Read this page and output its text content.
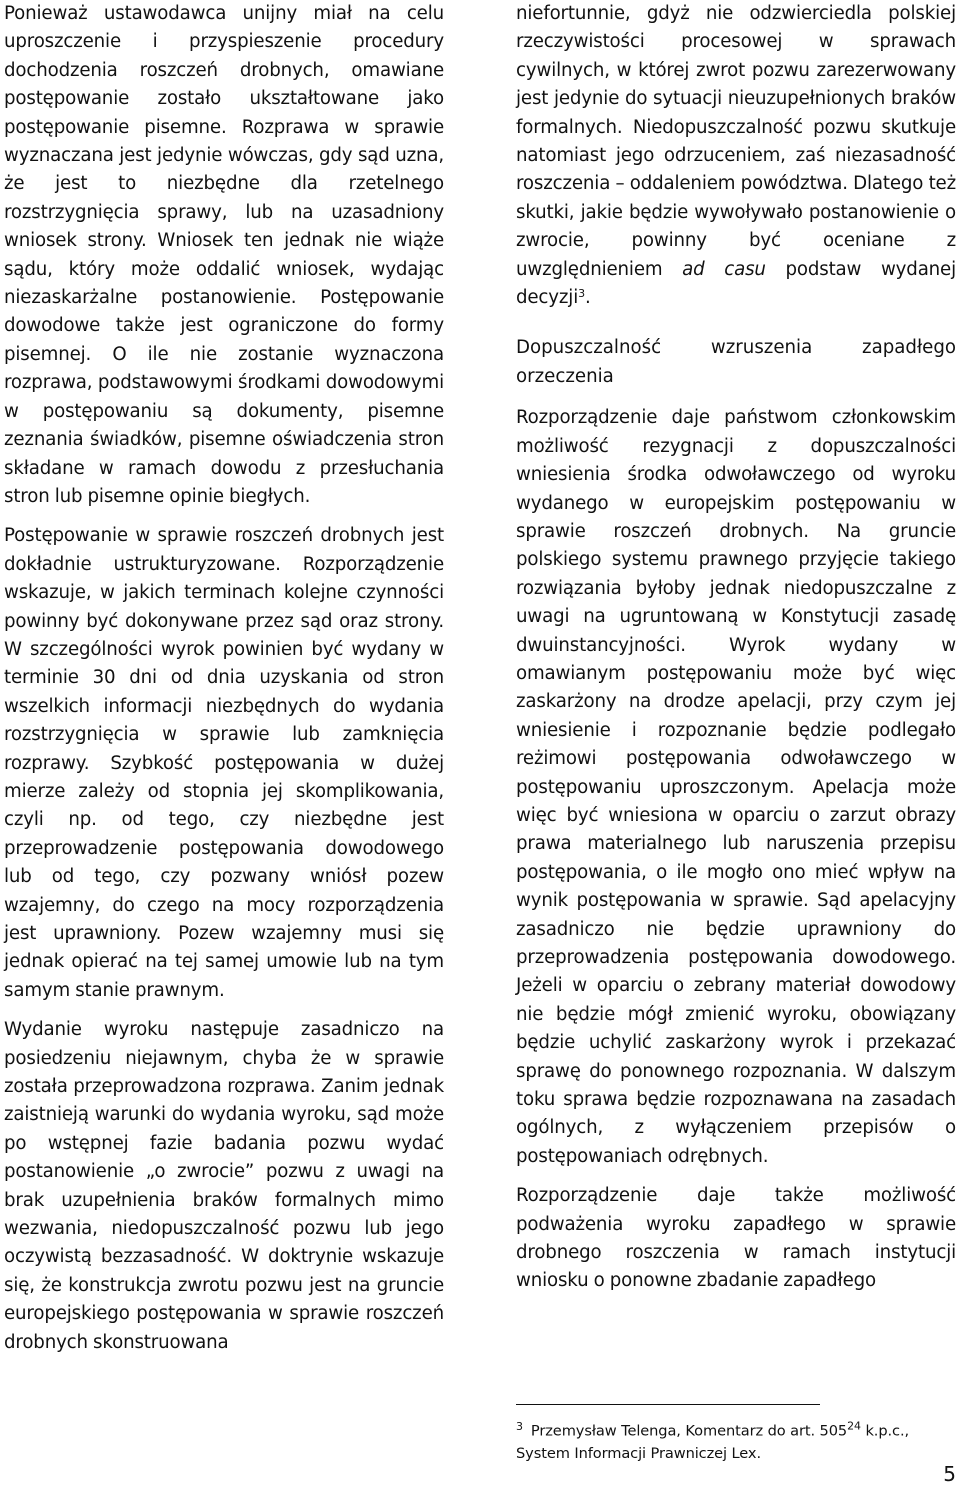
Ponieważ ustawodawca unijny miał na celu uproszczenie i przyspieszenie procedury dochodzenia roszczeń drobnych, omawiane postępowanie zostało ukształtowane jako postępowanie pisemne. Rozprawa w sprawie wyznaczana jest jedynie wówczas, gdy sąd uzna, że jest to niezbędne dla rzetelnego rozstrzygnięcia sprawy, lub na uzasadniony wniosek strony. Wniosek ten jednak nie wiąże sądu, który może oddalić wniosek, wydając niezaskarżalne postanowienie. Postępowanie dowodowe także jest ograniczone do formy pisemnej. O ile nie zostanie wyznaczona rozprawa, podstawowymi środkami dowodowymi w postępowaniu są dokumenty, pisemne zeznania świadków, pisemne oświadczenia stron składane w ramach dowodu z przesłuchania stron lub pisemne opinie biegłych.

Postępowanie w sprawie roszczeń drobnych jest dokładnie ustrukturyzowane. Rozporządzenie wskazuje, w jakich terminach kolejne czynności powinny być dokonywane przez sąd oraz strony. W szczególności wyrok powinien być wydany w terminie 30 dni od dnia uzyskania od stron wszelkich informacji niezbędnych do wydania rozstrzygnięcia w sprawie lub zamknięcia rozprawy. Szybkość postępowania w dużej mierze zależy od stopnia jej skomplikowania, czyli np. od tego, czy niezbędne jest przeprowadzenie postępowania dowodowego lub od tego, czy pozwany wniósł pozew wzajemny, do czego na mocy rozporządzenia jest uprawniony. Pozew wzajemny musi się jednak opierać na tej samej umowie lub na tym samym stanie prawnym.

Wydanie wyroku następuje zasadniczo na posiedzeniu niejawnym, chyba że w sprawie została przeprowadzona rozprawa. Zanim jednak zaistnieją warunki do wydania wyroku, sąd może po wstępnej fazie badania pozwu wydać postanowienie „o zwrocie” pozwu z uwagi na brak uzupełnienia braków formalnych mimo wezwania, niedopuszczalność pozwu lub jego oczywistą bezzasadność. W doktrynie wskazuje się, że konstrukcja zwrotu pozwu jest na gruncie europejskiego postępowania w sprawie roszczeń drobnych skonstruowana

niefortunnie, gdyż nie odzwierciedla polskiej rzeczywistości procesowej w sprawach cywilnych, w której zwrot pozwu zarezerwowany jest jedynie do sytuacji nieuzupełnionych braków formalnych. Niedopuszczalność pozwu skutkuje natomiast jego odrzuceniem, zaś niezasadność roszczenia – oddaleniem powództwa. Dlatego też skutki, jakie będzie wywoływało postanowienie o zwrocie, powinny być oceniane z uwzględnieniem ad casu podstaw wydanej decyzji$^3$.

Dopuszczalność wzruszenia zapadłego orzeczenia

Rozporządzenie daje państwom członkowskim możliwość rezygnacji z dopuszczalności wniesienia środka odwoławczego od wyroku wydanego w europejskim postępowaniu w sprawie roszczeń drobnych. Na gruncie polskiego systemu prawnego przyjęcie takiego rozwiązania byłoby jednak niedopuszczalne z uwagi na ugruntowaną w Konstytucji zasadę dwuinstancyjności. Wyrok wydany w omawianym postępowaniu może być więc zaskarżony na drodze apelacji, przy czym jej wniesienie i rozpoznanie będzie podlegało reżimowi postępowania odwoławczego w postępowaniu uproszczonym. Apelacja może więc być wniesiona w oparciu o zarzut obrazy prawa materialnego lub naruszenia przepisu postępowania, o ile mogło ono mieć wpływ na wynik postępowania w sprawie. Sąd apelacyjny zasadniczo nie będzie uprawniony do przeprowadzenia postępowania dowodowego. Jeżeli w oparciu o zebrany materiał dowodowy nie będzie mógł zmienić wyroku, obowiązany będzie uchylić zaskarżony wyrok i przekazać sprawę do ponownego rozpoznania. W dalszym toku sprawa będzie rozpoznawana na zasadach ogólnych, z wyłączeniem przepisów o postępowaniach odrębnych.

Rozporządzenie daje także możliwość podważenia wyroku zapadłego w sprawie drobnego roszczenia w ramach instytucji wniosku o ponowne zbadanie zapadłego

$^3$ Przemysław Telenga, Komentarz do art. $505^{24}$ k.p.c., System Informacji Prawniczej Lex.
5
